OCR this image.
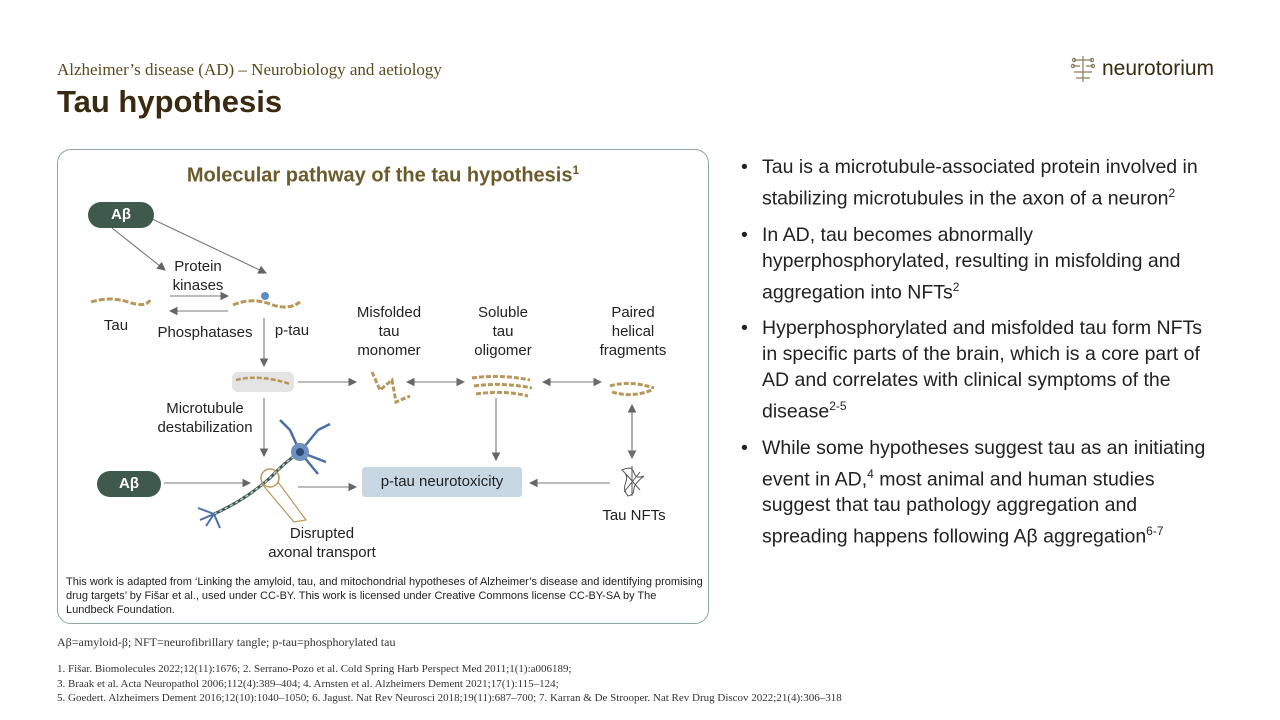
Alzheimer’s disease (AD) – Neurobiology and aetiology
Tau hypothesis
neurotorium
Molecular pathway of the tau hypothesis$^1$
Aβ
Aβ
Protein
kinases
Tau	Phosphatases	p-tau
Misfolded
tau
monomer
Soluble
tau
oligomer
Paired
helical
fragments
Microtubule
destabilization
p-tau neurotoxicity
Tau NFTs
Disrupted
axonal transport
This work is adapted from ‘Linking the amyloid, tau, and mitochondrial hypotheses of Alzheimer’s disease and identifying promising drug targets’ by Fišar et al., used under CC-BY. This work is licensed under Creative Commons license CC-BY-SA by The Lundbeck Foundation.
• Tau is a microtubule-associated protein involved in stabilizing microtubules in the axon of a neuron$^2$
• In AD, tau becomes abnormally hyperphosphorylated, resulting in misfolding and aggregation into NFTs$^2$
• Hyperphosphorylated and misfolded tau form NFTs in specific parts of the brain, which is a core part of AD and correlates with clinical symptoms of the disease$^{2-5}$
• While some hypotheses suggest tau as an initiating event in AD,$^4$ most animal and human studies suggest that tau pathology aggregation and spreading happens following Aβ aggregation$^{6-7}$
Aβ=amyloid-β; NFT=neurofibrillary tangle; p-tau=phosphorylated tau
1. Fišar. Biomolecules 2022;12(11):1676; 2. Serrano-Pozo et al. Cold Spring Harb Perspect Med 2011;1(1):a006189;
3. Braak et al. Acta Neuropathol 2006;112(4):389–404; 4. Arnsten et al. Alzheimers Dement 2021;17(1):115–124;
5. Goedert. Alzheimers Dement 2016;12(10):1040–1050; 6. Jagust. Nat Rev Neurosci 2018;19(11):687–700; 7. Karran & De Strooper. Nat Rev Drug Discov 2022;21(4):306–318
